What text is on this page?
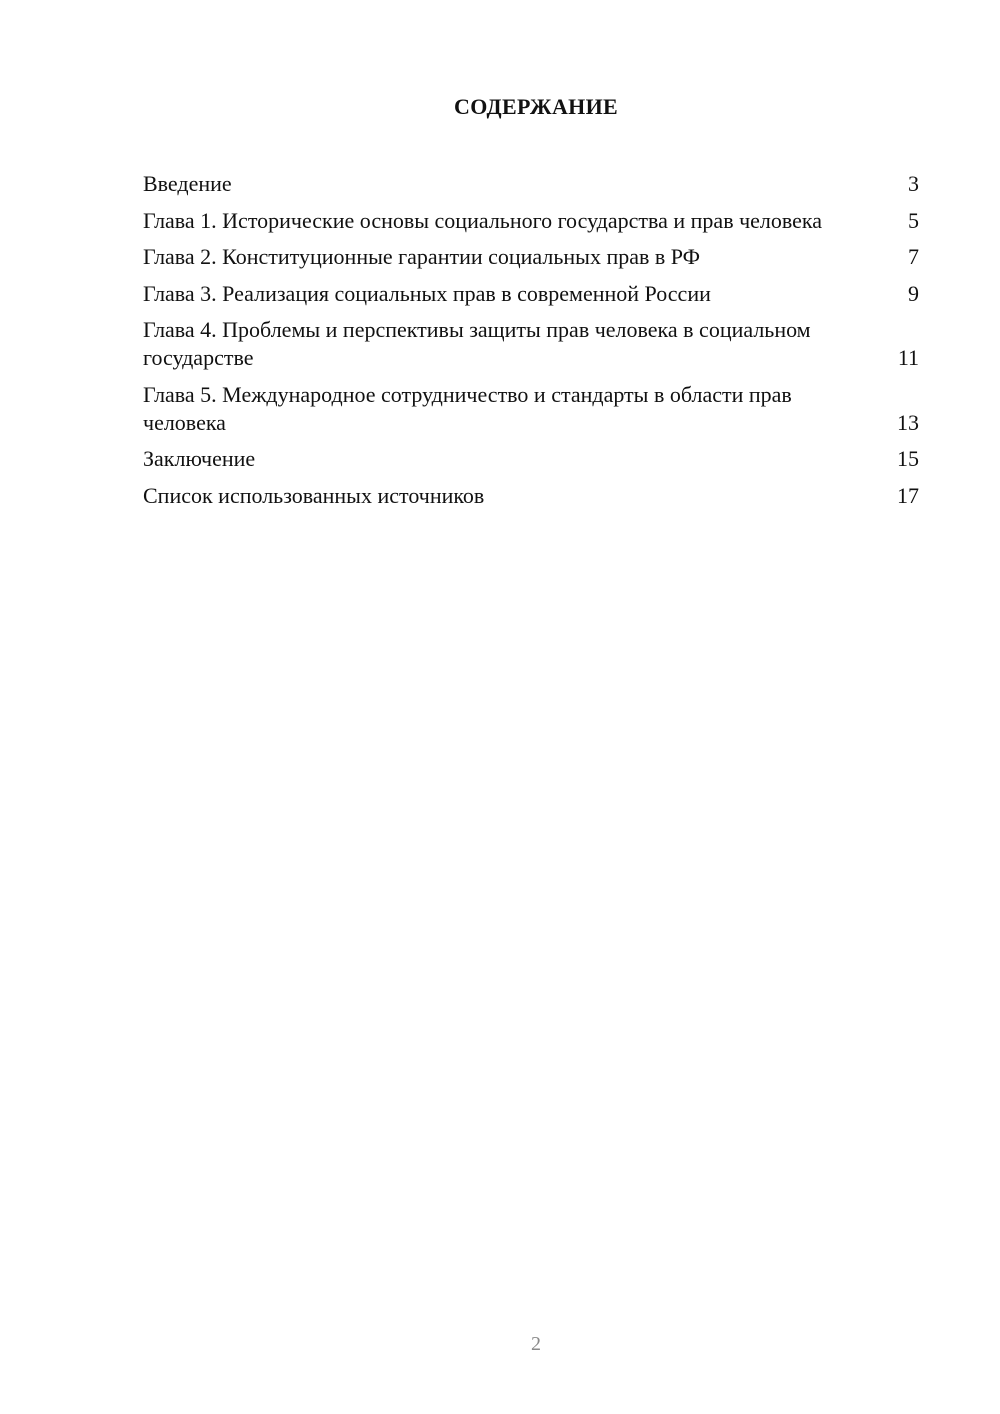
СОДЕРЖАНИЕ
Введение	3
Глава 1. Исторические основы социального государства и прав человека	5
Глава 2. Конституционные гарантии социальных прав в РФ	7
Глава 3. Реализация социальных прав в современной России	9
Глава 4. Проблемы и перспективы защиты прав человека в социальном государстве	11
Глава 5. Международное сотрудничество и стандарты в области прав человека	13
Заключение	15
Список использованных источников	17
2
